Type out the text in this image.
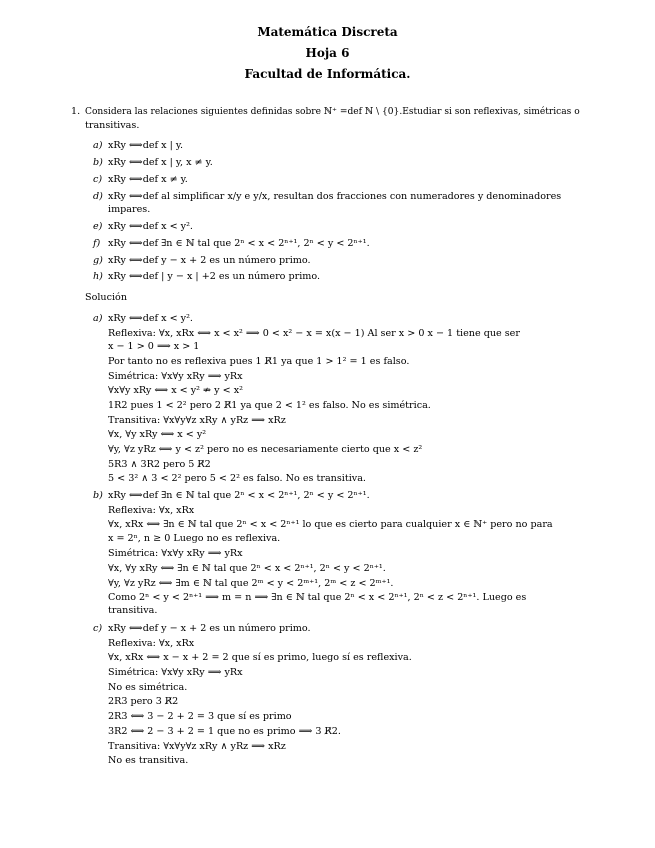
Matemática Discreta
Hoja 6
Facultad de Informática.
1. Considera las relaciones siguientes definidas sobre ℕ⁺ =def ℕ \ {0}.Estudiar si son reflexivas, simétricas o
transitivas.
a) xRy ⟺def x | y.
b) xRy ⟺def x | y, x ≠ y.
c) xRy ⟺def x ≠ y.
d) xRy ⟺def al simplificar x/y e y/x, resultan dos fracciones con numeradores y denominadores
impares.
e) xRy ⟺def x < y².
f) xRy ⟺def ∃n ∈ ℕ tal que 2ⁿ < x < 2ⁿ⁺¹, 2ⁿ < y < 2ⁿ⁺¹.
g) xRy ⟺def y − x + 2 es un número primo.
h) xRy ⟺def | y − x | +2 es un número primo.
Solución
a) xRy ⟺def x < y².
Reflexiva: ∀x, xRx ⟺ x < x² ⟹ 0 < x² − x = x(x − 1) Al ser x > 0 x − 1 tiene que ser
x − 1 > 0 ⟹ x > 1
Por tanto no es reflexiva pues 1 R̸1 ya que 1 > 1² = 1 es falso.
Simétrica: ∀x∀y xRy ⟹ yRx
∀x∀y xRy ⟺ x < y² ⇏ y < x²
1R2 pues 1 < 2² pero 2 R̸1 ya que 2 < 1² es falso. No es simétrica.
Transitiva: ∀x∀y∀z xRy ∧ yRz ⟹ xRz
∀x, ∀y xRy ⟺ x < y²
∀y, ∀z yRz ⟺ y < z² pero no es necesariamente cierto que x < z²
5R3 ∧ 3R2 pero 5 R̸2
5 < 3² ∧ 3 < 2² pero 5 < 2² es falso. No es transitiva.
b) xRy ⟺def ∃n ∈ ℕ tal que 2ⁿ < x < 2ⁿ⁺¹, 2ⁿ < y < 2ⁿ⁺¹.
Reflexiva: ∀x, xRx
∀x, xRx ⟺ ∃n ∈ ℕ tal que 2ⁿ < x < 2ⁿ⁺¹ lo que es cierto para cualquier x ∈ ℕ⁺ pero no para
x = 2ⁿ, n ≥ 0 Luego no es reflexiva.
Simétrica: ∀x∀y xRy ⟹ yRx
∀x, ∀y xRy ⟺ ∃n ∈ ℕ tal que 2ⁿ < x < 2ⁿ⁺¹, 2ⁿ < y < 2ⁿ⁺¹.
∀y, ∀z yRz ⟺ ∃m ∈ ℕ tal que 2ᵐ < y < 2ᵐ⁺¹, 2ᵐ < z < 2ᵐ⁺¹.
Como 2ⁿ < y < 2ⁿ⁺¹ ⟹ m = n ⟹ ∃n ∈ ℕ tal que 2ⁿ < x < 2ⁿ⁺¹, 2ⁿ < z < 2ⁿ⁺¹. Luego es
transitiva.
c) xRy ⟺def y − x + 2 es un número primo.
Reflexiva: ∀x, xRx
∀x, xRx ⟺ x − x + 2 = 2 que sí es primo, luego sí es reflexiva.
Simétrica: ∀x∀y xRy ⟹ yRx
No es simétrica.
2R3 pero 3 R̸2
2R3 ⟺ 3 − 2 + 2 = 3 que sí es primo
3R2 ⟺ 2 − 3 + 2 = 1 que no es primo ⟹ 3 R̸2.
Transitiva: ∀x∀y∀z xRy ∧ yRz ⟹ xRz
No es transitiva.
